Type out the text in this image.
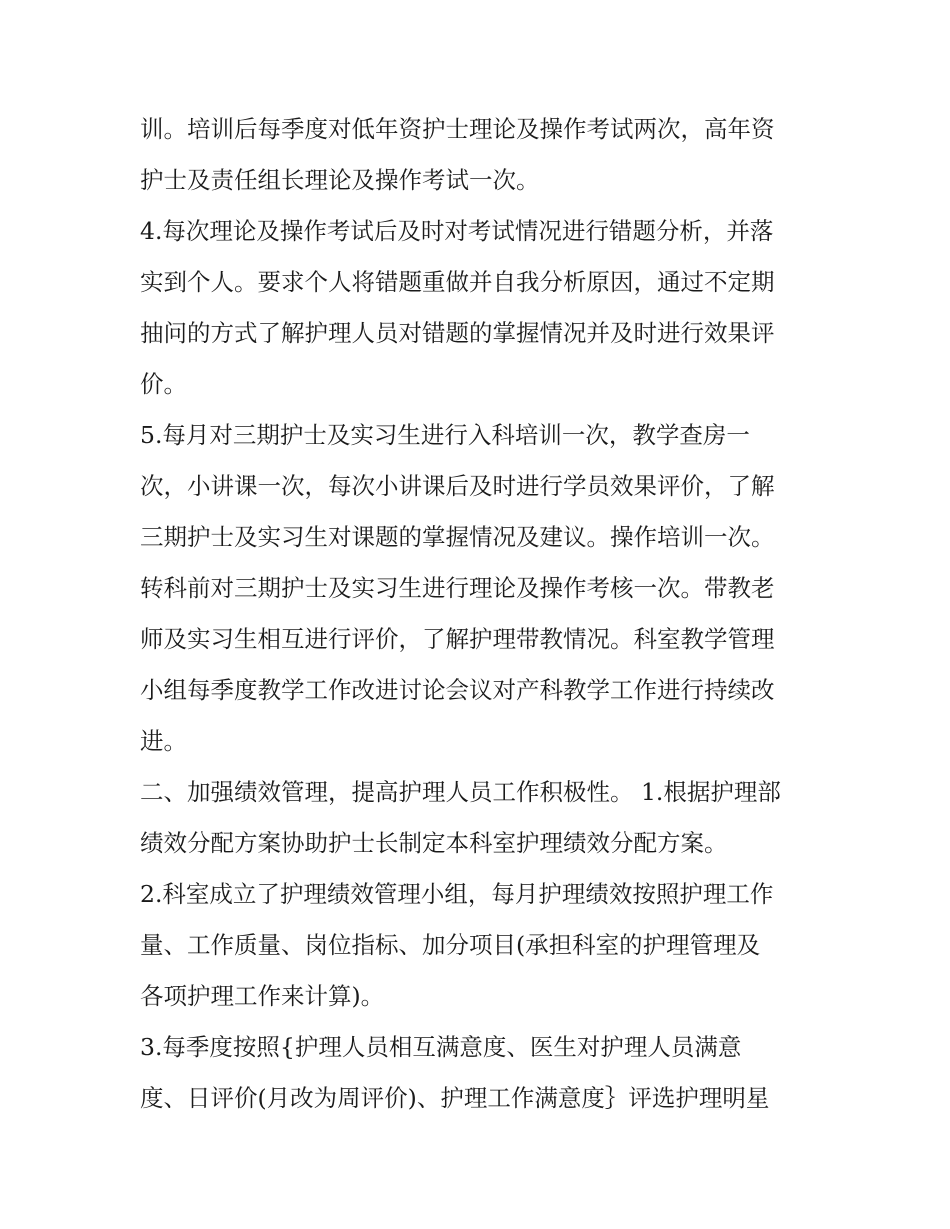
训。培训后每季度对低年资护士理论及操作考试两次，高年资
护士及责任组长理论及操作考试一次。
4.每次理论及操作考试后及时对考试情况进行错题分析，并落
实到个人。要求个人将错题重做并自我分析原因，通过不定期
抽问的方式了解护理人员对错题的掌握情况并及时进行效果评
价。
5.每月对三期护士及实习生进行入科培训一次，教学查房一
次，小讲课一次，每次小讲课后及时进行学员效果评价，了解
三期护士及实习生对课题的掌握情况及建议。操作培训一次。
转科前对三期护士及实习生进行理论及操作考核一次。带教老
师及实习生相互进行评价，了解护理带教情况。科室教学管理
小组每季度教学工作改进讨论会议对产科教学工作进行持续改
进。
二、加强绩效管理，提高护理人员工作积极性。 1.根据护理部
绩效分配方案协助护士长制定本科室护理绩效分配方案。
2.科室成立了护理绩效管理小组，每月护理绩效按照护理工作
量、工作质量、岗位指标、加分项目(承担科室的护理管理及
各项护理工作来计算)。
3.每季度按照{护理人员相互满意度、医生对护理人员满意
度、日评价(月改为周评价)、护理工作满意度｝评选护理明星
